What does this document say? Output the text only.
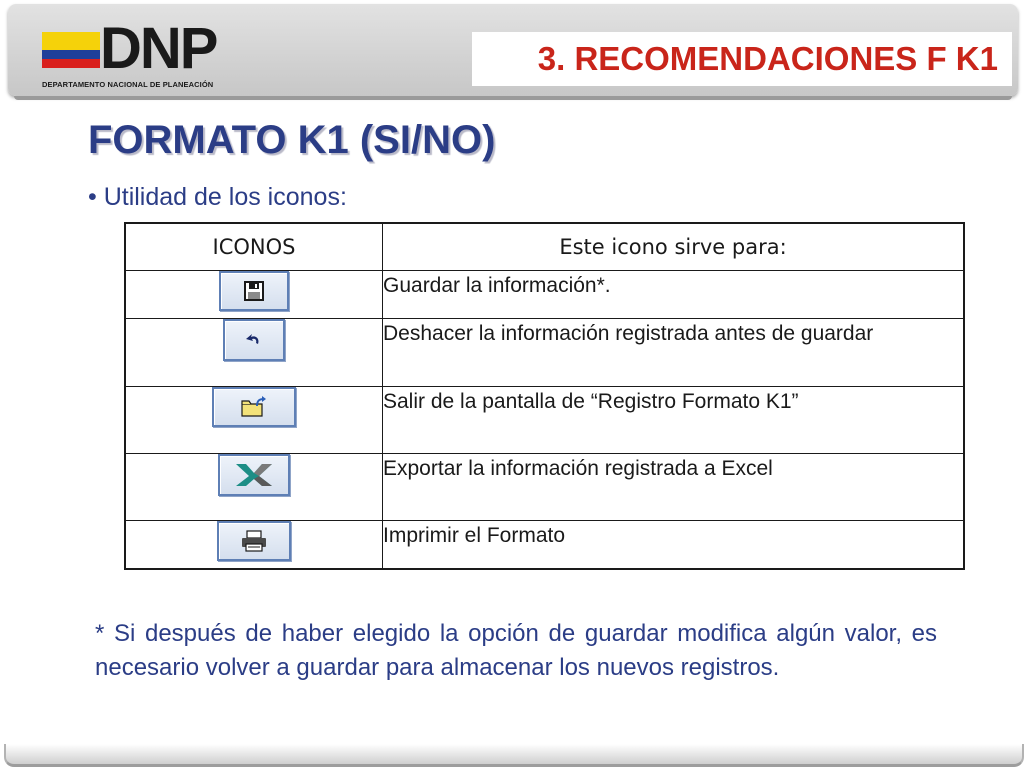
DNP
DEPARTAMENTO NACIONAL DE PLANEACIÓN
3. RECOMENDACIONES F K1
FORMATO K1 (SI/NO)
• Utilidad de los iconos:
ICONOS	Este icono sirve para:

	Guardar la información*.

	Deshacer la información registrada antes de guardar

	Salir de la pantalla de “Registro Formato K1”

	Exportar la información registrada a Excel

	Imprimir el Formato
* Si después de haber elegido la opción de guardar modifica algún valor, es necesario volver a guardar para almacenar los nuevos registros.
